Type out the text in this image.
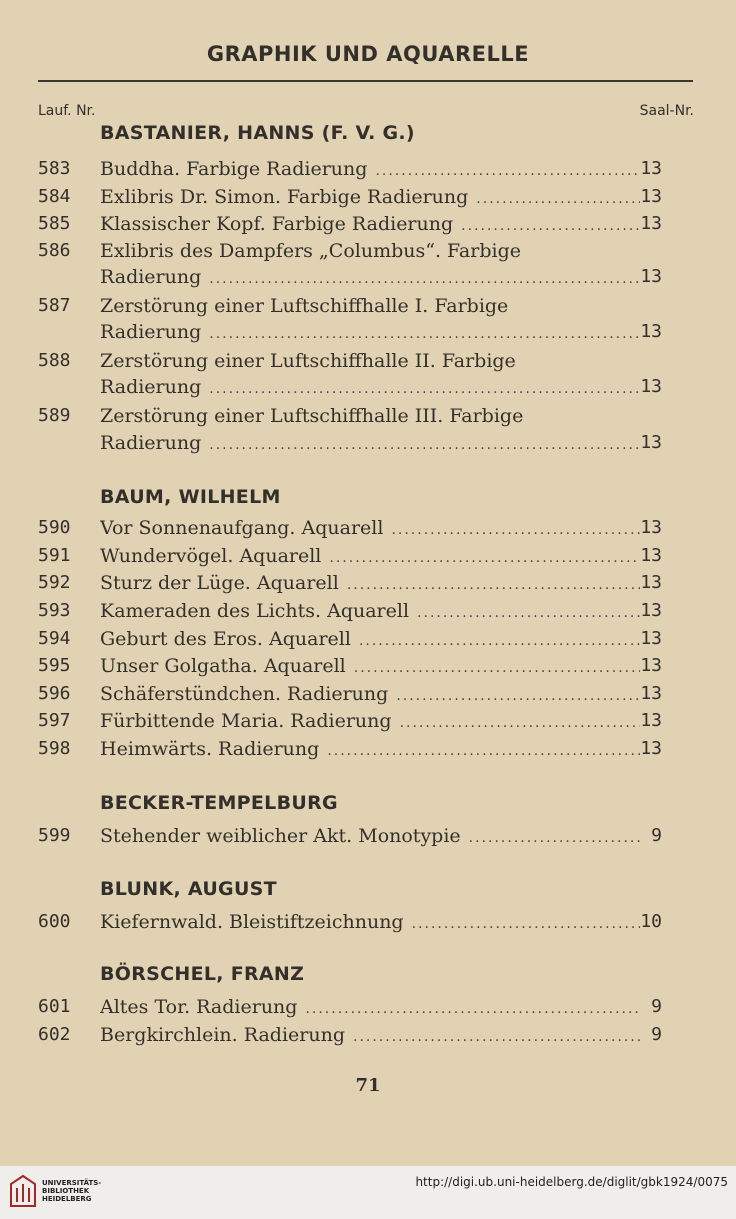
GRAPHIK UND AQUARELLE
Lauf. Nr.	Saal-Nr.
BASTANIER, HANNS (F. V. G.)
583	Buddha. Farbige Radierung .....	13
584	Exlibris Dr. Simon. Farbige Radierung .....	13
585	Klassischer Kopf. Farbige Radierung .....	13
586	Exlibris des Dampfers „Columbus“. Farbige
Radierung .....	13
587	Zerstörung einer Luftschiffhalle I. Farbige
Radierung .....	13
588	Zerstörung einer Luftschiffhalle II. Farbige
Radierung .....	13
589	Zerstörung einer Luftschiffhalle III. Farbige
Radierung .....	13
BAUM, WILHELM
590	Vor Sonnenaufgang. Aquarell .....	13
591	Wundervögel. Aquarell .....	13
592	Sturz der Lüge. Aquarell .....	13
593	Kameraden des Lichts. Aquarell .....	13
594	Geburt des Eros. Aquarell .....	13
595	Unser Golgatha. Aquarell .....	13
596	Schäferstündchen. Radierung .....	13
597	Fürbittende Maria. Radierung .....	13
598	Heimwärts. Radierung .....	13
BECKER-TEMPELBURG
599	Stehender weiblicher Akt. Monotypie .....	9
BLUNK, AUGUST
600	Kiefernwald. Bleistiftzeichnung .....	10
BÖRSCHEL, FRANZ
601	Altes Tor. Radierung .....	9
602	Bergkirchlein. Radierung .....	9
71
UNIVERSITÄTS-
BIBLIOTHEK
HEIDELBERG
http://digi.ub.uni-heidelberg.de/diglit/gbk1924/0075
